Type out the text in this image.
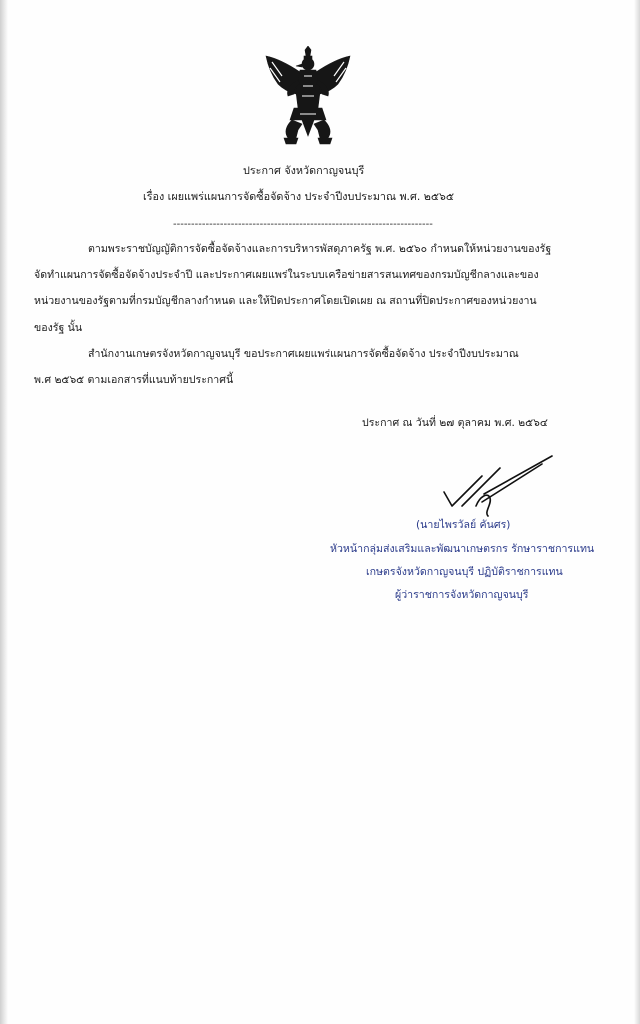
ประกาศ จังหวัดกาญจนบุรี
เรื่อง เผยแพร่แผนการจัดซื้อจัดจ้าง ประจำปีงบประมาณ พ.ศ. ๒๕๖๕
------------------------------------------------------------------------
ตามพระราชบัญญัติการจัดซื้อจัดจ้างและการบริหารพัสดุภาครัฐ พ.ศ. ๒๕๖๐ กำหนดให้หน่วยงานของรัฐ
จัดทำแผนการจัดซื้อจัดจ้างประจำปี และประกาศเผยแพร่ในระบบเครือข่ายสารสนเทศของกรมบัญชีกลางและของ
หน่วยงานของรัฐตามที่กรมบัญชีกลางกำหนด และให้ปิดประกาศโดยเปิดเผย ณ สถานที่ปิดประกาศของหน่วยงาน
ของรัฐ นั้น
สำนักงานเกษตรจังหวัดกาญจนบุรี ขอประกาศเผยแพร่แผนการจัดซื้อจัดจ้าง ประจำปีงบประมาณ
พ.ศ ๒๕๖๕ ตามเอกสารที่แนบท้ายประกาศนี้
ประกาศ ณ วันที่ ๒๗ ตุลาคม พ.ศ. ๒๕๖๔
(นายไพรวัลย์ คันศร)
หัวหน้ากลุ่มส่งเสริมและพัฒนาเกษตรกร รักษาราชการแทน
เกษตรจังหวัดกาญจนบุรี ปฏิบัติราชการแทน
ผู้ว่าราชการจังหวัดกาญจนบุรี
